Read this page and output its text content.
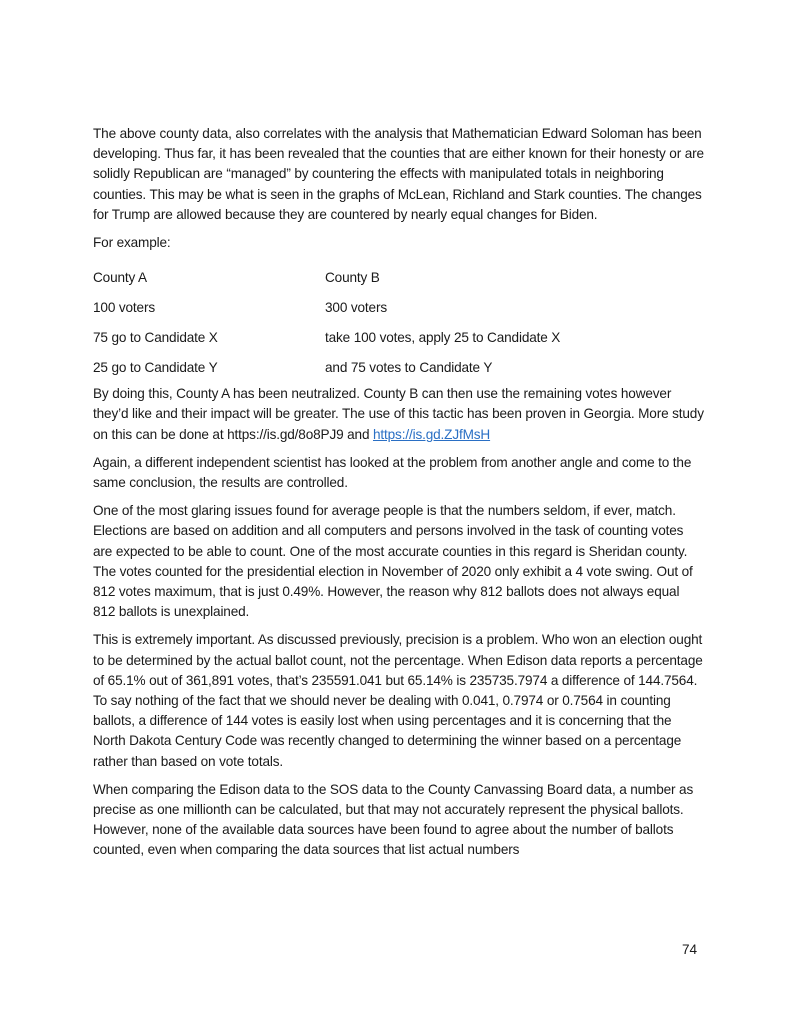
The above county data, also correlates with the analysis that Mathematician Edward Soloman has been developing. Thus far, it has been revealed that the counties that are either known for their honesty or are solidly Republican are “managed” by countering the effects with manipulated totals in neighboring counties. This may be what is seen in the graphs of McLean, Richland and Stark counties. The changes for Trump are allowed because they are countered by nearly equal changes for Biden.

For example:

County A	County B
100 voters	300 voters
75 go to Candidate X	take 100 votes, apply 25 to Candidate X
25 go to Candidate Y	and 75 votes to Candidate Y

By doing this, County A has been neutralized. County B can then use the remaining votes however they’d like and their impact will be greater. The use of this tactic has been proven in Georgia. More study on this can be done at https://is.gd/8o8PJ9 and https://is.gd.ZJfMsH

Again, a different independent scientist has looked at the problem from another angle and come to the same conclusion, the results are controlled.

One of the most glaring issues found for average people is that the numbers seldom, if ever, match. Elections are based on addition and all computers and persons involved in the task of counting votes are expected to be able to count. One of the most accurate counties in this regard is Sheridan county. The votes counted for the presidential election in November of 2020 only exhibit a 4 vote swing. Out of 812 votes maximum, that is just 0.49%. However, the reason why 812 ballots does not always equal 812 ballots is unexplained.

This is extremely important. As discussed previously, precision is a problem. Who won an election ought to be determined by the actual ballot count, not the percentage. When Edison data reports a percentage of 65.1% out of 361,891 votes, that’s 235591.041 but 65.14% is 235735.7974 a difference of 144.7564. To say nothing of the fact that we should never be dealing with 0.041, 0.7974 or 0.7564 in counting ballots, a difference of 144 votes is easily lost when using percentages and it is concerning that the North Dakota Century Code was recently changed to determining the winner based on a percentage rather than based on vote totals.

When comparing the Edison data to the SOS data to the County Canvassing Board data, a number as precise as one millionth can be calculated, but that may not accurately represent the physical ballots. However, none of the available data sources have been found to agree about the number of ballots counted, even when comparing the data sources that list actual numbers

74
